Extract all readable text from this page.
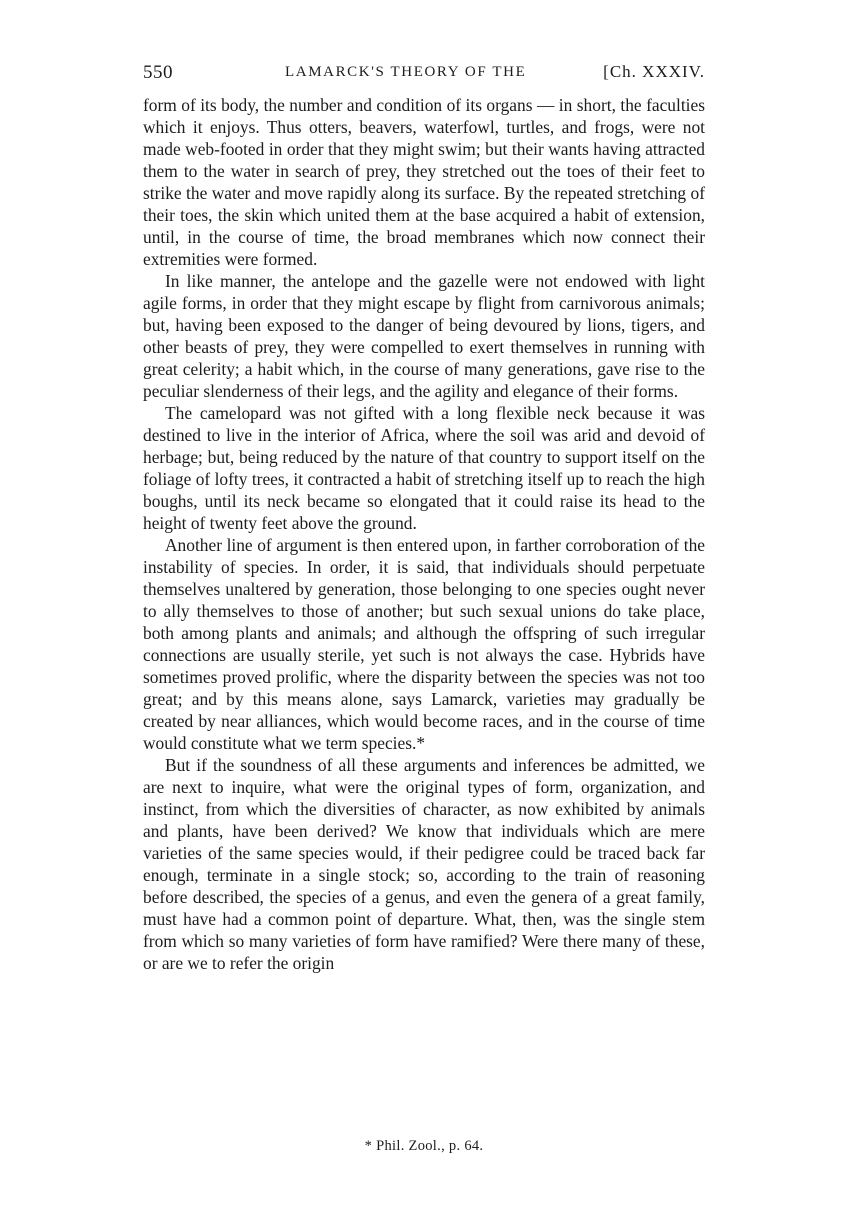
550	LAMARCK'S THEORY OF THE	[Ch. XXXIV.

form of its body, the number and condition of its organs — in short, the faculties which it enjoys. Thus otters, beavers, waterfowl, turtles, and frogs, were not made web-footed in order that they might swim; but their wants having attracted them to the water in search of prey, they stretched out the toes of their feet to strike the water and move rapidly along its surface. By the repeated stretching of their toes, the skin which united them at the base acquired a habit of extension, until, in the course of time, the broad membranes which now connect their extremities were formed.

In like manner, the antelope and the gazelle were not endowed with light agile forms, in order that they might escape by flight from carnivorous animals; but, having been exposed to the danger of being devoured by lions, tigers, and other beasts of prey, they were compelled to exert themselves in running with great celerity; a habit which, in the course of many generations, gave rise to the peculiar slenderness of their legs, and the agility and elegance of their forms.

The camelopard was not gifted with a long flexible neck because it was destined to live in the interior of Africa, where the soil was arid and devoid of herbage; but, being reduced by the nature of that country to support itself on the foliage of lofty trees, it contracted a habit of stretching itself up to reach the high boughs, until its neck became so elongated that it could raise its head to the height of twenty feet above the ground.

Another line of argument is then entered upon, in farther corroboration of the instability of species. In order, it is said, that individuals should perpetuate themselves unaltered by generation, those belonging to one species ought never to ally themselves to those of another; but such sexual unions do take place, both among plants and animals; and although the offspring of such irregular connections are usually sterile, yet such is not always the case. Hybrids have sometimes proved prolific, where the disparity between the species was not too great; and by this means alone, says Lamarck, varieties may gradually be created by near alliances, which would become races, and in the course of time would constitute what we term species.*

But if the soundness of all these arguments and inferences be admitted, we are next to inquire, what were the original types of form, organization, and instinct, from which the diversities of character, as now exhibited by animals and plants, have been derived? We know that individuals which are mere varieties of the same species would, if their pedigree could be traced back far enough, terminate in a single stock; so, according to the train of reasoning before described, the species of a genus, and even the genera of a great family, must have had a common point of departure. What, then, was the single stem from which so many varieties of form have ramified? Were there many of these, or are we to refer the origin

* Phil. Zool., p. 64.
